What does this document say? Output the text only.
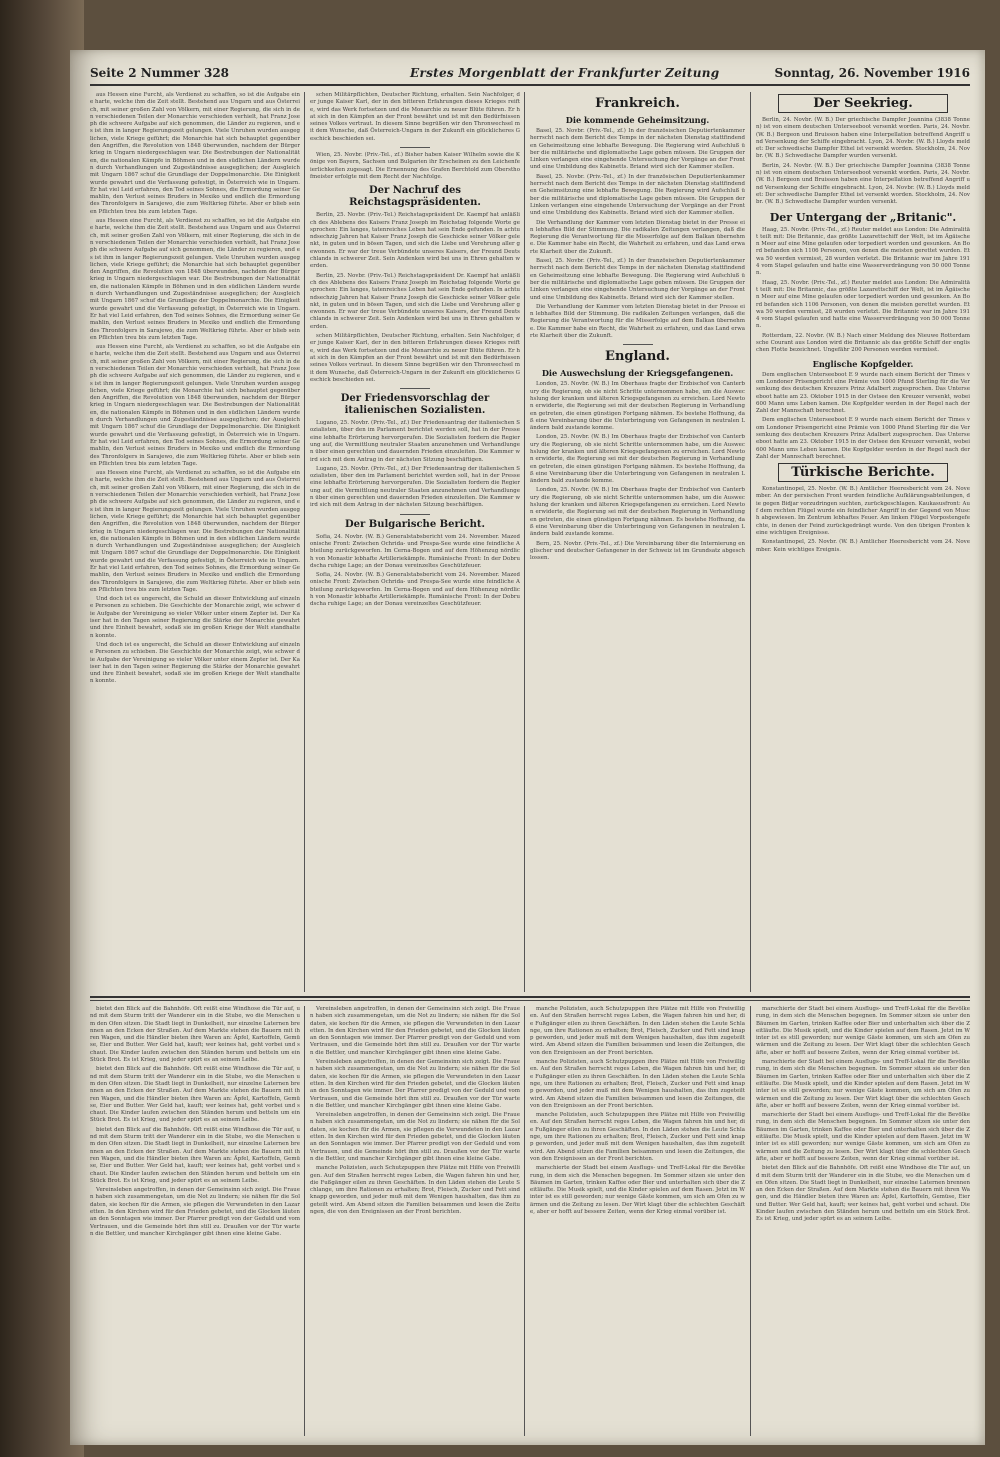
Seite 2 Nummer 328	Erstes Morgenblatt der Frankfurter Zeitung	Sonntag, 26. November 1916

aus Hessen eine Furcht, als Verdienst zu schaffen, so ist die Aufgabe eine harte, welche ihm die Zeit stellt. Bestehend aus Ungarn und aus Österreich, mit seiner großen Zahl von Völkern, mit einer Regierung, die sich in den verschiedenen Teilen der Monarchie verschieden verhielt, hat Franz Joseph die schwere Aufgabe auf sich genommen, die Länder zu regieren, und es ist ihm in langer Regierungszeit gelungen. Viele Unruhen wurden ausgeglichen, viele Kriege geführt; die Monarchie hat sich behauptet gegenüber den Angriffen, die Revolution von 1848 überwunden, nachdem der Bürgerkrieg in Ungarn niedergeschlagen war. Die Bestrebungen der Nationalitäten, die nationalen Kämpfe in Böhmen und in den südlichen Ländern wurden durch Verhandlungen und Zugeständnisse ausgeglichen; der Ausgleich mit Ungarn 1867 schuf die Grundlage der Doppelmonarchie. Die Einigkeit wurde gewahrt und die Verfassung gefestigt, in Österreich wie in Ungarn. Er hat viel Leid erfahren, den Tod seines Sohnes, die Ermordung seiner Gemahlin, den Verlust seines Bruders in Mexiko und endlich die Ermordung des Thronfolgers in Sarajewo, die zum Weltkrieg führte. Aber er blieb seinen Pflichten treu bis zum letzten Tage.

aus Hessen eine Furcht, als Verdienst zu schaffen, so ist die Aufgabe eine harte, welche ihm die Zeit stellt. Bestehend aus Ungarn und aus Österreich, mit seiner großen Zahl von Völkern, mit einer Regierung, die sich in den verschiedenen Teilen der Monarchie verschieden verhielt, hat Franz Joseph die schwere Aufgabe auf sich genommen, die Länder zu regieren, und es ist ihm in langer Regierungszeit gelungen. Viele Unruhen wurden ausgeglichen, viele Kriege geführt; die Monarchie hat sich behauptet gegenüber den Angriffen, die Revolution von 1848 überwunden, nachdem der Bürgerkrieg in Ungarn niedergeschlagen war. Die Bestrebungen der Nationalitäten, die nationalen Kämpfe in Böhmen und in den südlichen Ländern wurden durch Verhandlungen und Zugeständnisse ausgeglichen; der Ausgleich mit Ungarn 1867 schuf die Grundlage der Doppelmonarchie. Die Einigkeit wurde gewahrt und die Verfassung gefestigt, in Österreich wie in Ungarn. Er hat viel Leid erfahren, den Tod seines Sohnes, die Ermordung seiner Gemahlin, den Verlust seines Bruders in Mexiko und endlich die Ermordung des Thronfolgers in Sarajewo, die zum Weltkrieg führte. Aber er blieb seinen Pflichten treu bis zum letzten Tage.

aus Hessen eine Furcht, als Verdienst zu schaffen, so ist die Aufgabe eine harte, welche ihm die Zeit stellt. Bestehend aus Ungarn und aus Österreich, mit seiner großen Zahl von Völkern, mit einer Regierung, die sich in den verschiedenen Teilen der Monarchie verschieden verhielt, hat Franz Joseph die schwere Aufgabe auf sich genommen, die Länder zu regieren, und es ist ihm in langer Regierungszeit gelungen. Viele Unruhen wurden ausgeglichen, viele Kriege geführt; die Monarchie hat sich behauptet gegenüber den Angriffen, die Revolution von 1848 überwunden, nachdem der Bürgerkrieg in Ungarn niedergeschlagen war. Die Bestrebungen der Nationalitäten, die nationalen Kämpfe in Böhmen und in den südlichen Ländern wurden durch Verhandlungen und Zugeständnisse ausgeglichen; der Ausgleich mit Ungarn 1867 schuf die Grundlage der Doppelmonarchie. Die Einigkeit wurde gewahrt und die Verfassung gefestigt, in Österreich wie in Ungarn. Er hat viel Leid erfahren, den Tod seines Sohnes, die Ermordung seiner Gemahlin, den Verlust seines Bruders in Mexiko und endlich die Ermordung des Thronfolgers in Sarajewo, die zum Weltkrieg führte. Aber er blieb seinen Pflichten treu bis zum letzten Tage.

aus Hessen eine Furcht, als Verdienst zu schaffen, so ist die Aufgabe eine harte, welche ihm die Zeit stellt. Bestehend aus Ungarn und aus Österreich, mit seiner großen Zahl von Völkern, mit einer Regierung, die sich in den verschiedenen Teilen der Monarchie verschieden verhielt, hat Franz Joseph die schwere Aufgabe auf sich genommen, die Länder zu regieren, und es ist ihm in langer Regierungszeit gelungen. Viele Unruhen wurden ausgeglichen, viele Kriege geführt; die Monarchie hat sich behauptet gegenüber den Angriffen, die Revolution von 1848 überwunden, nachdem der Bürgerkrieg in Ungarn niedergeschlagen war. Die Bestrebungen der Nationalitäten, die nationalen Kämpfe in Böhmen und in den südlichen Ländern wurden durch Verhandlungen und Zugeständnisse ausgeglichen; der Ausgleich mit Ungarn 1867 schuf die Grundlage der Doppelmonarchie. Die Einigkeit wurde gewahrt und die Verfassung gefestigt, in Österreich wie in Ungarn. Er hat viel Leid erfahren, den Tod seines Sohnes, die Ermordung seiner Gemahlin, den Verlust seines Bruders in Mexiko und endlich die Ermordung des Thronfolgers in Sarajewo, die zum Weltkrieg führte. Aber er blieb seinen Pflichten treu bis zum letzten Tage.

Und doch ist es ungerecht, die Schuld an dieser Entwicklung auf einzelne Personen zu schieben. Die Geschichte der Monarchie zeigt, wie schwer die Aufgabe der Vereinigung so vieler Völker unter einem Zepter ist. Der Kaiser hat in den Tagen seiner Regierung die Stärke der Monarchie gewahrt und ihre Einheit bewahrt, sodaß sie im großen Kriege der Welt standhalten konnte.

Und doch ist es ungerecht, die Schuld an dieser Entwicklung auf einzelne Personen zu schieben. Die Geschichte der Monarchie zeigt, wie schwer die Aufgabe der Vereinigung so vieler Völker unter einem Zepter ist. Der Kaiser hat in den Tagen seiner Regierung die Stärke der Monarchie gewahrt und ihre Einheit bewahrt, sodaß sie im großen Kriege der Welt standhalten konnte.

schen Militärpflichten, Deutscher Richtung, erhalten. Sein Nachfolger, der junge Kaiser Karl, der in den bitteren Erfahrungen dieses Krieges reifte, wird das Werk fortsetzen und die Monarchie zu neuer Blüte führen. Er hat sich in den Kämpfen an der Front bewährt und ist mit den Bedürfnissen seines Volkes vertraut. In diesem Sinne begrüßen wir den Thronwechsel mit dem Wunsche, daß Österreich-Ungarn in der Zukunft ein glücklicheres Geschick beschieden sei.

Wien, 25. Novbr. (Priv.-Tel., zf.) Bisher haben Kaiser Wilhelm sowie die Könige von Bayern, Sachsen und Bulgarien ihr Erscheinen zu den Leichenfeierlichkeiten zugesagt. Die Ernennung des Grafen Berchtold zum Obersthofmeister erfolgte mit dem Recht der Nachfolge.

Der Nachruf des Reichstagspräsidenten.

Berlin, 25. Novbr. (Priv.-Tel.) Reichstagspräsident Dr. Kaempf hat anläßlich des Ablebens des Kaisers Franz Joseph im Reichstag folgende Worte gesprochen: Ein langes, tatenreiches Leben hat sein Ende gefunden. In achtundsechzig Jahren hat Kaiser Franz Joseph die Geschicke seiner Völker gelenkt, in guten und in bösen Tagen, und sich die Liebe und Verehrung aller gewonnen. Er war der treue Verbündete unseres Kaisers, der Freund Deutschlands in schwerer Zeit. Sein Andenken wird bei uns in Ehren gehalten werden.

Berlin, 25. Novbr. (Priv.-Tel.) Reichstagspräsident Dr. Kaempf hat anläßlich des Ablebens des Kaisers Franz Joseph im Reichstag folgende Worte gesprochen: Ein langes, tatenreiches Leben hat sein Ende gefunden. In achtundsechzig Jahren hat Kaiser Franz Joseph die Geschicke seiner Völker gelenkt, in guten und in bösen Tagen, und sich die Liebe und Verehrung aller gewonnen. Er war der treue Verbündete unseres Kaisers, der Freund Deutschlands in schwerer Zeit. Sein Andenken wird bei uns in Ehren gehalten werden.

schen Militärpflichten, Deutscher Richtung, erhalten. Sein Nachfolger, der junge Kaiser Karl, der in den bitteren Erfahrungen dieses Krieges reifte, wird das Werk fortsetzen und die Monarchie zu neuer Blüte führen. Er hat sich in den Kämpfen an der Front bewährt und ist mit den Bedürfnissen seines Volkes vertraut. In diesem Sinne begrüßen wir den Thronwechsel mit dem Wunsche, daß Österreich-Ungarn in der Zukunft ein glücklicheres Geschick beschieden sei.

Der Friedensvorschlag der italienischen Sozialisten.

Lugano, 25. Novbr. (Priv.-Tel., zf.) Der Friedensantrag der italienischen Sozialisten, über den im Parlament berichtet werden soll, hat in der Presse eine lebhafte Erörterung hervorgerufen. Die Sozialisten fordern die Regierung auf, die Vermittlung neutraler Staaten anzunehmen und Verhandlungen über einen gerechten und dauernden Frieden einzuleiten. Die Kammer wird sich mit dem Antrag in der nächsten Sitzung beschäftigen.

Lugano, 25. Novbr. (Priv.-Tel., zf.) Der Friedensantrag der italienischen Sozialisten, über den im Parlament berichtet werden soll, hat in der Presse eine lebhafte Erörterung hervorgerufen. Die Sozialisten fordern die Regierung auf, die Vermittlung neutraler Staaten anzunehmen und Verhandlungen über einen gerechten und dauernden Frieden einzuleiten. Die Kammer wird sich mit dem Antrag in der nächsten Sitzung beschäftigen.

Der Bulgarische Bericht.

Sofia, 24. Novbr. (W. B.) Generalstabsbericht vom 24. November. Mazedonische Front: Zwischen Ochrida- und Prespa-See wurde eine feindliche Abteilung zurückgeworfen. Im Cerna-Bogen und auf dem Höhenzug nördlich von Monastir lebhafte Artilleriekämpfe. Rumänische Front: In der Dobrudscha ruhige Lage; an der Donau vereinzeltes Geschützfeuer.

Sofia, 24. Novbr. (W. B.) Generalstabsbericht vom 24. November. Mazedonische Front: Zwischen Ochrida- und Prespa-See wurde eine feindliche Abteilung zurückgeworfen. Im Cerna-Bogen und auf dem Höhenzug nördlich von Monastir lebhafte Artilleriekämpfe. Rumänische Front: In der Dobrudscha ruhige Lage; an der Donau vereinzeltes Geschützfeuer.

Frankreich.
Die kommende Geheimsitzung.

Basel, 25. Novbr. (Priv.-Tel., zf.) In der französischen Deputiertenkammer herrscht nach dem Bericht des Temps in der nächsten Dienstag stattfindenden Geheimsitzung eine lebhafte Bewegung. Die Regierung wird Aufschluß über die militärische und diplomatische Lage geben müssen. Die Gruppen der Linken verlangen eine eingehende Untersuchung der Vorgänge an der Front und eine Umbildung des Kabinetts. Briand wird sich der Kammer stellen.

Basel, 25. Novbr. (Priv.-Tel., zf.) In der französischen Deputiertenkammer herrscht nach dem Bericht des Temps in der nächsten Dienstag stattfindenden Geheimsitzung eine lebhafte Bewegung. Die Regierung wird Aufschluß über die militärische und diplomatische Lage geben müssen. Die Gruppen der Linken verlangen eine eingehende Untersuchung der Vorgänge an der Front und eine Umbildung des Kabinetts. Briand wird sich der Kammer stellen.

Die Verhandlung der Kammer vom letzten Dienstag bietet in der Presse ein lebhaftes Bild der Stimmung. Die radikalen Zeitungen verlangen, daß die Regierung die Verantwortung für die Misserfolge auf dem Balkan übernehme. Die Kammer habe ein Recht, die Wahrheit zu erfahren, und das Land erwarte Klarheit über die Zukunft.

Basel, 25. Novbr. (Priv.-Tel., zf.) In der französischen Deputiertenkammer herrscht nach dem Bericht des Temps in der nächsten Dienstag stattfindenden Geheimsitzung eine lebhafte Bewegung. Die Regierung wird Aufschluß über die militärische und diplomatische Lage geben müssen. Die Gruppen der Linken verlangen eine eingehende Untersuchung der Vorgänge an der Front und eine Umbildung des Kabinetts. Briand wird sich der Kammer stellen.

Die Verhandlung der Kammer vom letzten Dienstag bietet in der Presse ein lebhaftes Bild der Stimmung. Die radikalen Zeitungen verlangen, daß die Regierung die Verantwortung für die Misserfolge auf dem Balkan übernehme. Die Kammer habe ein Recht, die Wahrheit zu erfahren, und das Land erwarte Klarheit über die Zukunft.

England.
Die Auswechslung der Kriegsgefangenen.

London, 25. Novbr. (W. B.) Im Oberhaus fragte der Erzbischof von Canterbury die Regierung, ob sie nicht Schritte unternommen habe, um die Auswechslung der kranken und älteren Kriegsgefangenen zu erreichen. Lord Newton erwiderte, die Regierung sei mit der deutschen Regierung in Verhandlungen getreten, die einen günstigen Fortgang nähmen. Es bestehe Hoffnung, daß eine Vereinbarung über die Unterbringung von Gefangenen in neutralen Ländern bald zustande komme.

London, 25. Novbr. (W. B.) Im Oberhaus fragte der Erzbischof von Canterbury die Regierung, ob sie nicht Schritte unternommen habe, um die Auswechslung der kranken und älteren Kriegsgefangenen zu erreichen. Lord Newton erwiderte, die Regierung sei mit der deutschen Regierung in Verhandlungen getreten, die einen günstigen Fortgang nähmen. Es bestehe Hoffnung, daß eine Vereinbarung über die Unterbringung von Gefangenen in neutralen Ländern bald zustande komme.

London, 25. Novbr. (W. B.) Im Oberhaus fragte der Erzbischof von Canterbury die Regierung, ob sie nicht Schritte unternommen habe, um die Auswechslung der kranken und älteren Kriegsgefangenen zu erreichen. Lord Newton erwiderte, die Regierung sei mit der deutschen Regierung in Verhandlungen getreten, die einen günstigen Fortgang nähmen. Es bestehe Hoffnung, daß eine Vereinbarung über die Unterbringung von Gefangenen in neutralen Ländern bald zustande komme.

Bern, 25. Novbr. (Priv.-Tel., zf.) Die Vereinbarung über die Internierung englischer und deutscher Gefangener in der Schweiz ist im Grundsatz abgeschlossen.

Der Seekrieg.

Berlin, 24. Novbr. (W. B.) Der griechische Dampfer Joannina (3838 Tonnen) ist von einem deutschen Unterseeboot versenkt worden. Paris, 24. Novbr. (W. B.) Bergeon und Bruisson haben eine Interpellation betreffend Angriff und Versenkung der Schiffe eingebracht. Lyon, 24. Novbr. (W. B.) Lloyds meldet: Der schwedische Dampfer Ethel ist versenkt worden. Stockholm, 24. Novbr. (W. B.) Schwedische Dampfer wurden versenkt.

Berlin, 24. Novbr. (W. B.) Der griechische Dampfer Joannina (3838 Tonnen) ist von einem deutschen Unterseeboot versenkt worden. Paris, 24. Novbr. (W. B.) Bergeon und Bruisson haben eine Interpellation betreffend Angriff und Versenkung der Schiffe eingebracht. Lyon, 24. Novbr. (W. B.) Lloyds meldet: Der schwedische Dampfer Ethel ist versenkt worden. Stockholm, 24. Novbr. (W. B.) Schwedische Dampfer wurden versenkt.

Der Untergang der „Britanic".

Haag, 25. Novbr. (Priv.-Tel., zf.) Reuter meldet aus London: Die Admiralität teilt mit: Die Britannic, das größte Lazarettschiff der Welt, ist im Ägäischen Meer auf eine Mine gelaufen oder torpediert worden und gesunken. An Bord befanden sich 1106 Personen, von denen die meisten gerettet wurden. Etwa 50 werden vermisst, 28 wurden verletzt. Die Britannic war im Jahre 1914 vom Stapel gelaufen und hatte eine Wasserverdrängung von 50 000 Tonnen.

Haag, 25. Novbr. (Priv.-Tel., zf.) Reuter meldet aus London: Die Admiralität teilt mit: Die Britannic, das größte Lazarettschiff der Welt, ist im Ägäischen Meer auf eine Mine gelaufen oder torpediert worden und gesunken. An Bord befanden sich 1106 Personen, von denen die meisten gerettet wurden. Etwa 50 werden vermisst, 28 wurden verletzt. Die Britannic war im Jahre 1914 vom Stapel gelaufen und hatte eine Wasserverdrängung von 50 000 Tonnen.

Rotterdam, 22. Novbr. (W. B.) Nach einer Meldung des Nieuwe Rotterdamsche Courant aus London wird die Britannic als das größte Schiff der englischen Flotte bezeichnet. Ungefähr 200 Personen werden vermisst.

Englische Kopfgelder.

Dem englischen Unterseeboot E 9 wurde nach einem Bericht der Times vom Londoner Prisengericht eine Prämie von 1000 Pfund Sterling für die Versenkung des deutschen Kreuzers Prinz Adalbert zugesprochen. Das Unterseeboot hatte am 23. Oktober 1915 in der Ostsee den Kreuzer versenkt, wobei 600 Mann ums Leben kamen. Die Kopfgelder werden in der Regel nach der Zahl der Mannschaft berechnet.

Dem englischen Unterseeboot E 9 wurde nach einem Bericht der Times vom Londoner Prisengericht eine Prämie von 1000 Pfund Sterling für die Versenkung des deutschen Kreuzers Prinz Adalbert zugesprochen. Das Unterseeboot hatte am 23. Oktober 1915 in der Ostsee den Kreuzer versenkt, wobei 600 Mann ums Leben kamen. Die Kopfgelder werden in der Regel nach der Zahl der Mannschaft berechnet.

Türkische Berichte.

Konstantinopel, 25. Novbr. (W. B.) Amtlicher Heeresbericht vom 24. November. An der persischen Front wurden feindliche Aufklärungsabteilungen, die gegen Bidjar vorzudringen suchten, zurückgeschlagen. Kaukasusfront: Auf dem rechten Flügel wurde ein feindlicher Angriff in der Gegend von Musch abgewiesen. Im Zentrum lebhaftes Feuer. Am linken Flügel Vorpostengefechte, in denen der Feind zurückgedrängt wurde. Von den übrigen Fronten keine wichtigen Ereignisse.

Konstantinopel, 25. Novbr. (W. B.) Amtlicher Heeresbericht vom 24. November. Kein wichtiges Ereignis.

bietet den Blick auf die Bahnhöfe. Oft reißt eine Windhose die Tür auf, und mit dem Sturm tritt der Wanderer ein in die Stube, wo die Menschen um den Ofen sitzen. Die Stadt liegt in Dunkelheit, nur einzelne Laternen brennen an den Ecken der Straßen. Auf dem Markte stehen die Bauern mit ihren Wagen, und die Händler bieten ihre Waren an: Äpfel, Kartoffeln, Gemüse, Eier und Butter. Wer Geld hat, kauft; wer keines hat, geht vorbei und schaut. Die Kinder laufen zwischen den Ständen herum und betteln um ein Stück Brot. Es ist Krieg, und jeder spürt es an seinem Leibe.

bietet den Blick auf die Bahnhöfe. Oft reißt eine Windhose die Tür auf, und mit dem Sturm tritt der Wanderer ein in die Stube, wo die Menschen um den Ofen sitzen. Die Stadt liegt in Dunkelheit, nur einzelne Laternen brennen an den Ecken der Straßen. Auf dem Markte stehen die Bauern mit ihren Wagen, und die Händler bieten ihre Waren an: Äpfel, Kartoffeln, Gemüse, Eier und Butter. Wer Geld hat, kauft; wer keines hat, geht vorbei und schaut. Die Kinder laufen zwischen den Ständen herum und betteln um ein Stück Brot. Es ist Krieg, und jeder spürt es an seinem Leibe.

bietet den Blick auf die Bahnhöfe. Oft reißt eine Windhose die Tür auf, und mit dem Sturm tritt der Wanderer ein in die Stube, wo die Menschen um den Ofen sitzen. Die Stadt liegt in Dunkelheit, nur einzelne Laternen brennen an den Ecken der Straßen. Auf dem Markte stehen die Bauern mit ihren Wagen, und die Händler bieten ihre Waren an: Äpfel, Kartoffeln, Gemüse, Eier und Butter. Wer Geld hat, kauft; wer keines hat, geht vorbei und schaut. Die Kinder laufen zwischen den Ständen herum und betteln um ein Stück Brot. Es ist Krieg, und jeder spürt es an seinem Leibe.

Vereinsleben angetroffen, in denen der Gemeinsinn sich zeigt. Die Frauen haben sich zusammengetan, um die Not zu lindern; sie nähen für die Soldaten, sie kochen für die Armen, sie pflegen die Verwundeten in den Lazaretten. In den Kirchen wird für den Frieden gebetet, und die Glocken läuten an den Sonntagen wie immer. Der Pfarrer predigt von der Geduld und vom Vertrauen, und die Gemeinde hört ihm still zu. Draußen vor der Tür warten die Bettler, und mancher Kirchgänger gibt ihnen eine kleine Gabe.

Vereinsleben angetroffen, in denen der Gemeinsinn sich zeigt. Die Frauen haben sich zusammengetan, um die Not zu lindern; sie nähen für die Soldaten, sie kochen für die Armen, sie pflegen die Verwundeten in den Lazaretten. In den Kirchen wird für den Frieden gebetet, und die Glocken läuten an den Sonntagen wie immer. Der Pfarrer predigt von der Geduld und vom Vertrauen, und die Gemeinde hört ihm still zu. Draußen vor der Tür warten die Bettler, und mancher Kirchgänger gibt ihnen eine kleine Gabe.

Vereinsleben angetroffen, in denen der Gemeinsinn sich zeigt. Die Frauen haben sich zusammengetan, um die Not zu lindern; sie nähen für die Soldaten, sie kochen für die Armen, sie pflegen die Verwundeten in den Lazaretten. In den Kirchen wird für den Frieden gebetet, und die Glocken läuten an den Sonntagen wie immer. Der Pfarrer predigt von der Geduld und vom Vertrauen, und die Gemeinde hört ihm still zu. Draußen vor der Tür warten die Bettler, und mancher Kirchgänger gibt ihnen eine kleine Gabe.

Vereinsleben angetroffen, in denen der Gemeinsinn sich zeigt. Die Frauen haben sich zusammengetan, um die Not zu lindern; sie nähen für die Soldaten, sie kochen für die Armen, sie pflegen die Verwundeten in den Lazaretten. In den Kirchen wird für den Frieden gebetet, und die Glocken läuten an den Sonntagen wie immer. Der Pfarrer predigt von der Geduld und vom Vertrauen, und die Gemeinde hört ihm still zu. Draußen vor der Tür warten die Bettler, und mancher Kirchgänger gibt ihnen eine kleine Gabe.

manche Polizisten, auch Schutzpuppen ihre Plätze mit Hilfe von Freiwilligen. Auf den Straßen herrscht reges Leben, die Wagen fahren hin und her, die Fußgänger eilen zu ihren Geschäften. In den Läden stehen die Leute Schlange, um ihre Rationen zu erhalten; Brot, Fleisch, Zucker und Fett sind knapp geworden, und jeder muß mit dem Wenigen haushalten, das ihm zugeteilt wird. Am Abend sitzen die Familien beisammen und lesen die Zeitungen, die von den Ereignissen an der Front berichten.

manche Polizisten, auch Schutzpuppen ihre Plätze mit Hilfe von Freiwilligen. Auf den Straßen herrscht reges Leben, die Wagen fahren hin und her, die Fußgänger eilen zu ihren Geschäften. In den Läden stehen die Leute Schlange, um ihre Rationen zu erhalten; Brot, Fleisch, Zucker und Fett sind knapp geworden, und jeder muß mit dem Wenigen haushalten, das ihm zugeteilt wird. Am Abend sitzen die Familien beisammen und lesen die Zeitungen, die von den Ereignissen an der Front berichten.

manche Polizisten, auch Schutzpuppen ihre Plätze mit Hilfe von Freiwilligen. Auf den Straßen herrscht reges Leben, die Wagen fahren hin und her, die Fußgänger eilen zu ihren Geschäften. In den Läden stehen die Leute Schlange, um ihre Rationen zu erhalten; Brot, Fleisch, Zucker und Fett sind knapp geworden, und jeder muß mit dem Wenigen haushalten, das ihm zugeteilt wird. Am Abend sitzen die Familien beisammen und lesen die Zeitungen, die von den Ereignissen an der Front berichten.

manche Polizisten, auch Schutzpuppen ihre Plätze mit Hilfe von Freiwilligen. Auf den Straßen herrscht reges Leben, die Wagen fahren hin und her, die Fußgänger eilen zu ihren Geschäften. In den Läden stehen die Leute Schlange, um ihre Rationen zu erhalten; Brot, Fleisch, Zucker und Fett sind knapp geworden, und jeder muß mit dem Wenigen haushalten, das ihm zugeteilt wird. Am Abend sitzen die Familien beisammen und lesen die Zeitungen, die von den Ereignissen an der Front berichten.

marschierte der Stadt bei einem Ausflugs- und Treff-Lokal für die Bevölkerung, in dem sich die Menschen begegnen. Im Sommer sitzen sie unter den Bäumen im Garten, trinken Kaffee oder Bier und unterhalten sich über die Zeitläufte. Die Musik spielt, und die Kinder spielen auf dem Rasen. Jetzt im Winter ist es still geworden; nur wenige Gäste kommen, um sich am Ofen zu wärmen und die Zeitung zu lesen. Der Wirt klagt über die schlechten Geschäfte, aber er hofft auf bessere Zeiten, wenn der Krieg einmal vorüber ist.

marschierte der Stadt bei einem Ausflugs- und Treff-Lokal für die Bevölkerung, in dem sich die Menschen begegnen. Im Sommer sitzen sie unter den Bäumen im Garten, trinken Kaffee oder Bier und unterhalten sich über die Zeitläufte. Die Musik spielt, und die Kinder spielen auf dem Rasen. Jetzt im Winter ist es still geworden; nur wenige Gäste kommen, um sich am Ofen zu wärmen und die Zeitung zu lesen. Der Wirt klagt über die schlechten Geschäfte, aber er hofft auf bessere Zeiten, wenn der Krieg einmal vorüber ist.

marschierte der Stadt bei einem Ausflugs- und Treff-Lokal für die Bevölkerung, in dem sich die Menschen begegnen. Im Sommer sitzen sie unter den Bäumen im Garten, trinken Kaffee oder Bier und unterhalten sich über die Zeitläufte. Die Musik spielt, und die Kinder spielen auf dem Rasen. Jetzt im Winter ist es still geworden; nur wenige Gäste kommen, um sich am Ofen zu wärmen und die Zeitung zu lesen. Der Wirt klagt über die schlechten Geschäfte, aber er hofft auf bessere Zeiten, wenn der Krieg einmal vorüber ist.

marschierte der Stadt bei einem Ausflugs- und Treff-Lokal für die Bevölkerung, in dem sich die Menschen begegnen. Im Sommer sitzen sie unter den Bäumen im Garten, trinken Kaffee oder Bier und unterhalten sich über die Zeitläufte. Die Musik spielt, und die Kinder spielen auf dem Rasen. Jetzt im Winter ist es still geworden; nur wenige Gäste kommen, um sich am Ofen zu wärmen und die Zeitung zu lesen. Der Wirt klagt über die schlechten Geschäfte, aber er hofft auf bessere Zeiten, wenn der Krieg einmal vorüber ist.

bietet den Blick auf die Bahnhöfe. Oft reißt eine Windhose die Tür auf, und mit dem Sturm tritt der Wanderer ein in die Stube, wo die Menschen um den Ofen sitzen. Die Stadt liegt in Dunkelheit, nur einzelne Laternen brennen an den Ecken der Straßen. Auf dem Markte stehen die Bauern mit ihren Wagen, und die Händler bieten ihre Waren an: Äpfel, Kartoffeln, Gemüse, Eier und Butter. Wer Geld hat, kauft; wer keines hat, geht vorbei und schaut. Die Kinder laufen zwischen den Ständen herum und betteln um ein Stück Brot. Es ist Krieg, und jeder spürt es an seinem Leibe.
